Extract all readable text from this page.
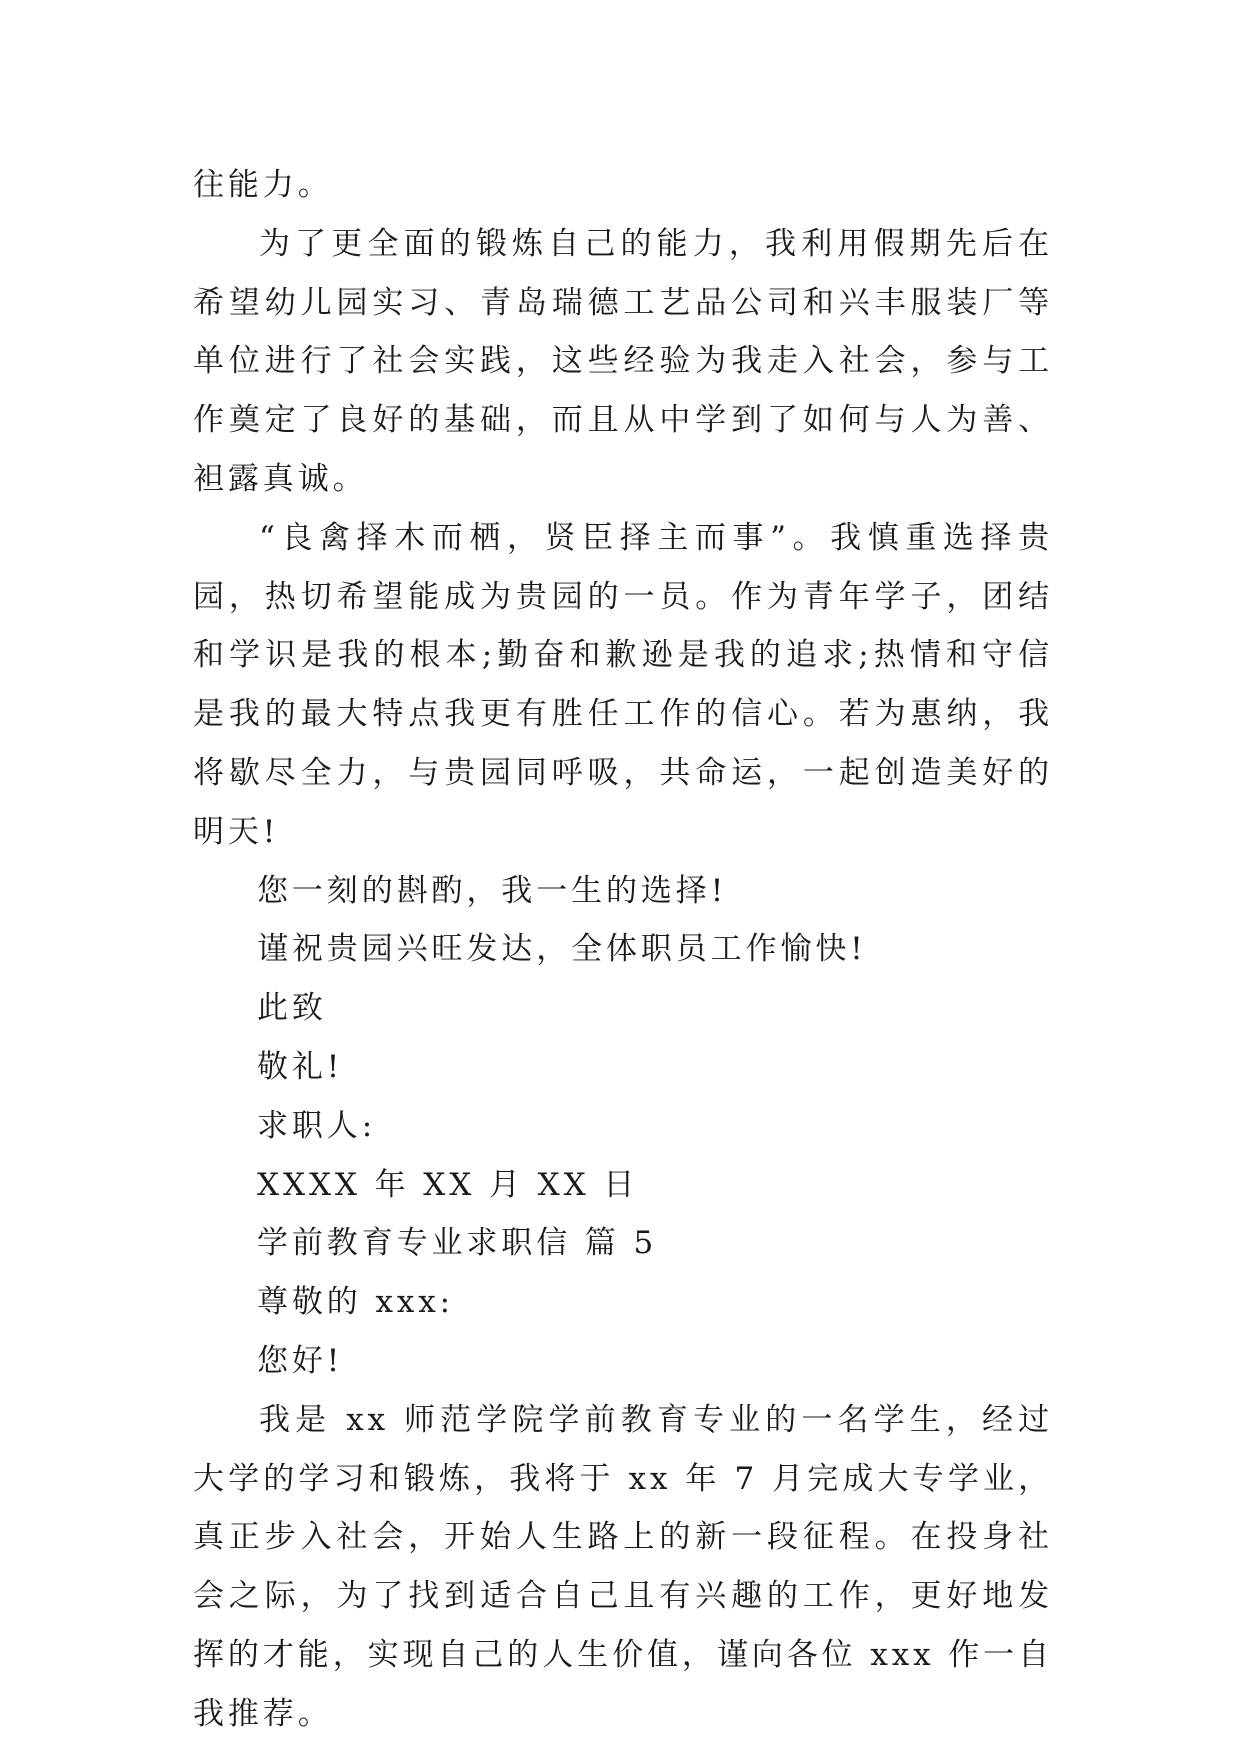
往能力。

为了更全面的锻炼自己的能力，我利用假期先后在希望幼儿园实习、青岛瑞德工艺品公司和兴丰服装厂等单位进行了社会实践，这些经验为我走入社会，参与工作奠定了良好的基础，而且从中学到了如何与人为善、袒露真诚。

“良禽择木而栖，贤臣择主而事”。我慎重选择贵园，热切希望能成为贵园的一员。作为青年学子，团结和学识是我的根本;勤奋和歉逊是我的追求;热情和守信是我的最大特点我更有胜任工作的信心。若为惠纳，我将歇尽全力，与贵园同呼吸，共命运，一起创造美好的明天!

您一刻的斟酌，我一生的选择!

谨祝贵园兴旺发达，全体职员工作愉快!

此致

敬礼!

求职人:

XXXX 年 XX 月 XX 日

学前教育专业求职信 篇 5

尊敬的 xxx:

您好!

我是 xx 师范学院学前教育专业的一名学生，经过大学的学习和锻炼，我将于 xx 年 7 月完成大专学业，真正步入社会，开始人生路上的新一段征程。在投身社会之际，为了找到适合自己且有兴趣的工作，更好地发挥的才能，实现自己的人生价值，谨向各位 xxx 作一自我推荐。
